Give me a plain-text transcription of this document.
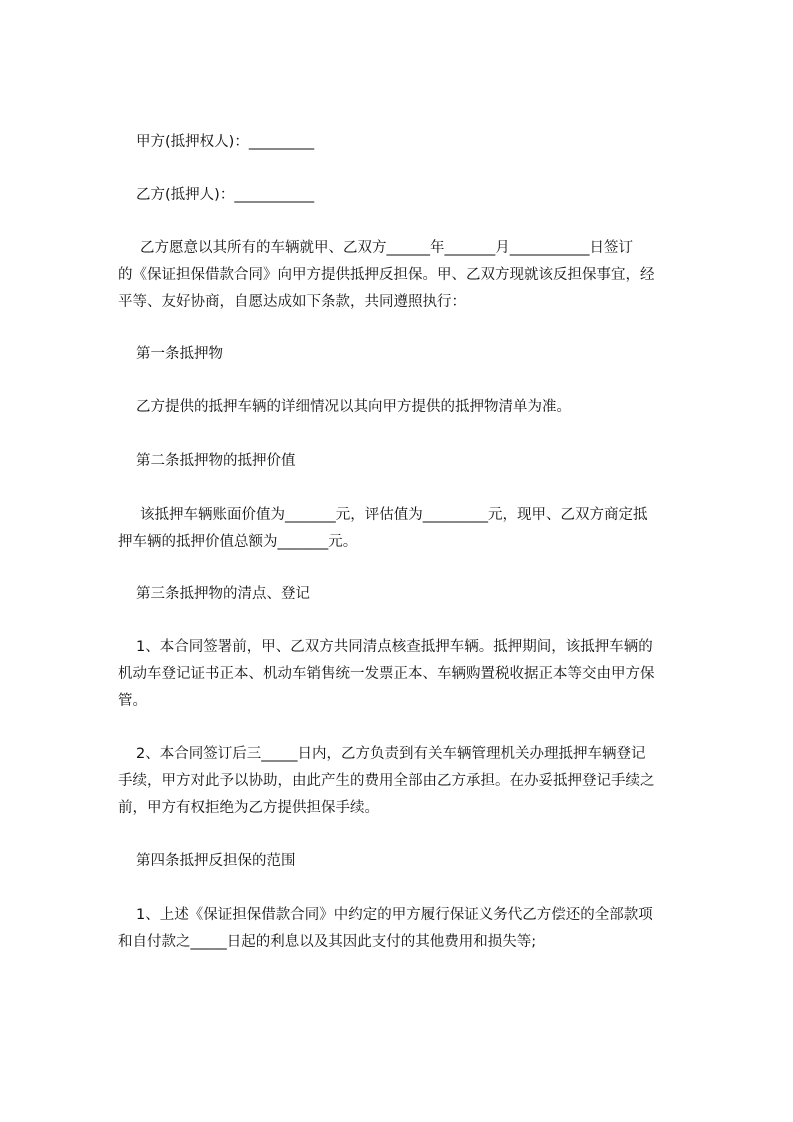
甲方(抵押权人)：_________

乙方(抵押人)：___________

乙方愿意以其所有的车辆就甲、乙双方______年_______月___________日签订

的《保证担保借款合同》向甲方提供抵押反担保。甲、乙双方现就该反担保事宜，经

平等、友好协商，自愿达成如下条款，共同遵照执行：

第一条抵押物

乙方提供的抵押车辆的详细情况以其向甲方提供的抵押物清单为准。

第二条抵押物的抵押价值

该抵押车辆账面价值为_______元，评估值为_________元，现甲、乙双方商定抵

押车辆的抵押价值总额为_______元。

第三条抵押物的清点、登记

1、本合同签署前，甲、乙双方共同清点核查抵押车辆。抵押期间，该抵押车辆的

机动车登记证书正本、机动车销售统一发票正本、车辆购置税收据正本等交由甲方保

管。

2、本合同签订后三_____日内，乙方负责到有关车辆管理机关办理抵押车辆登记

手续，甲方对此予以协助，由此产生的费用全部由乙方承担。在办妥抵押登记手续之

前，甲方有权拒绝为乙方提供担保手续。

第四条抵押反担保的范围

1、上述《保证担保借款合同》中约定的甲方履行保证义务代乙方偿还的全部款项

和自付款之_____日起的利息以及其因此支付的其他费用和损失等;
